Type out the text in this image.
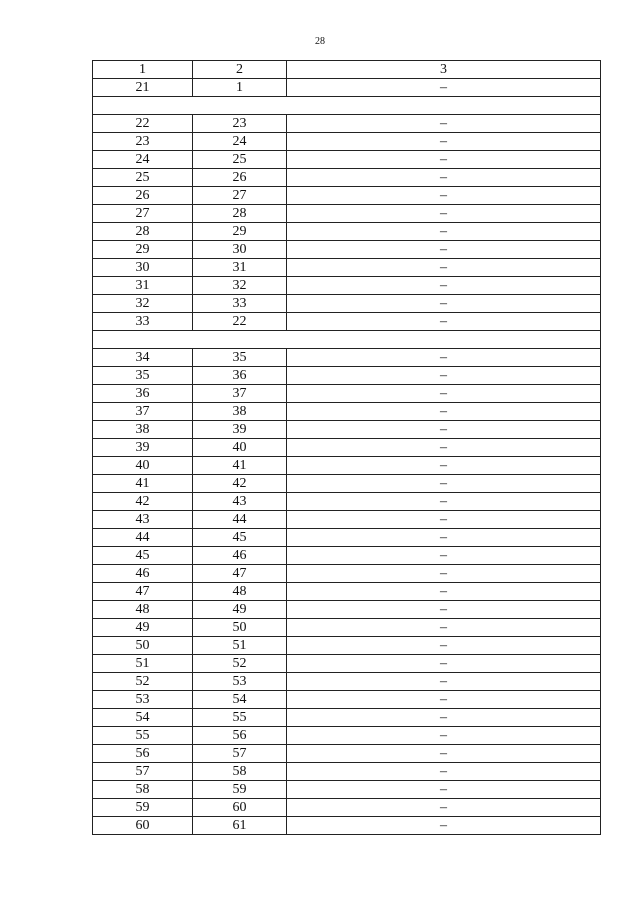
28
1	2	3
21	1	–

22	23	–
23	24	–
24	25	–
25	26	–
26	27	–
27	28	–
28	29	–
29	30	–
30	31	–
31	32	–
32	33	–
33	22	–

34	35	–
35	36	–
36	37	–
37	38	–
38	39	–
39	40	–
40	41	–
41	42	–
42	43	–
43	44	–
44	45	–
45	46	–
46	47	–
47	48	–
48	49	–
49	50	–
50	51	–
51	52	–
52	53	–
53	54	–
54	55	–
55	56	–
56	57	–
57	58	–
58	59	–
59	60	–
60	61	–
